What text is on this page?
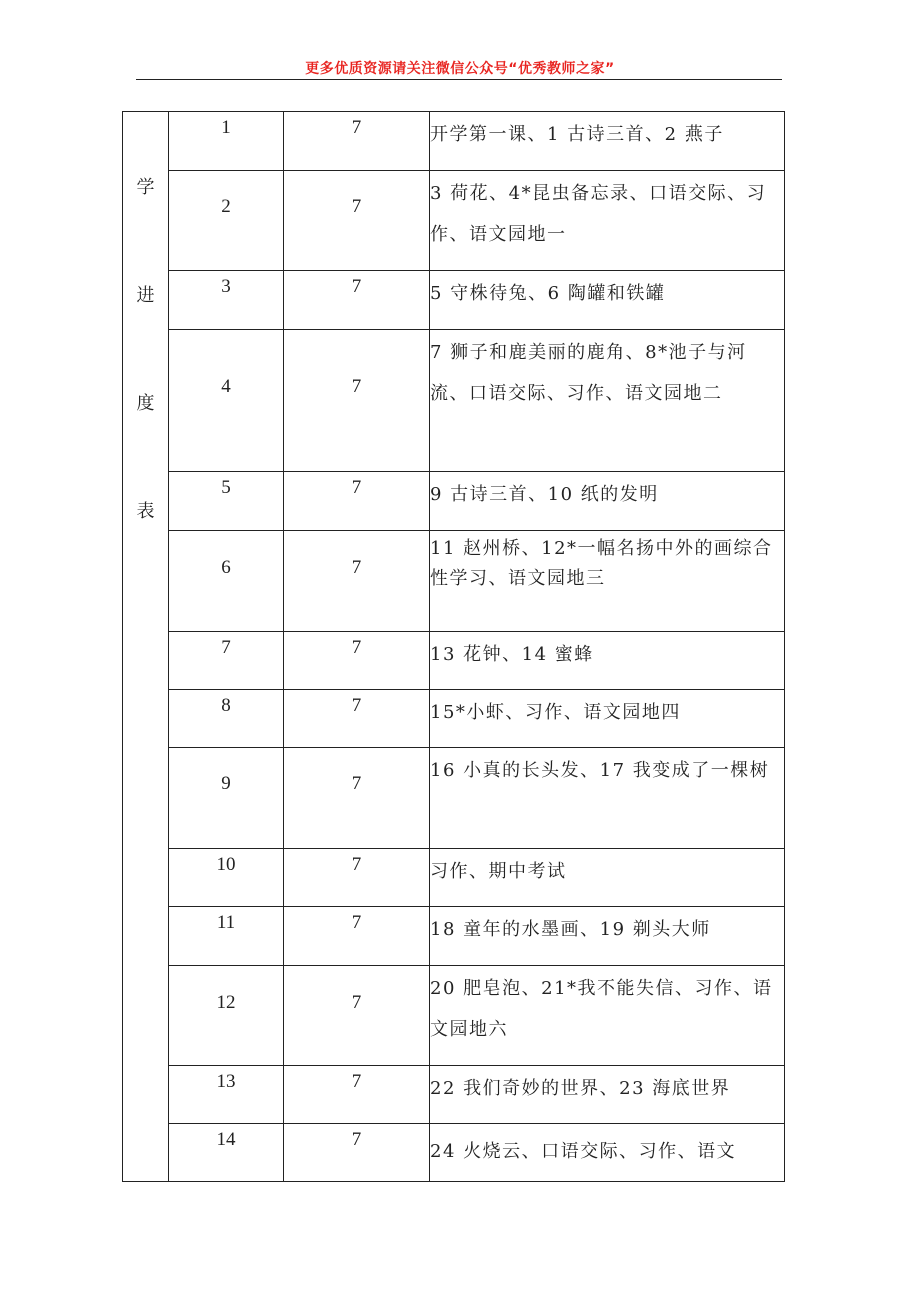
更多优质资源请关注微信公众号“优秀教师之家”
学
进
度
表	1	7	开学第一课、1 古诗三首、2 燕子

	2	7	3 荷花、4*昆虫备忘录、口语交际、习作、语文园地一

	3	7	5 守株待兔、6 陶罐和铁罐

	4	7	7 狮子和鹿美丽的鹿角、8*池子与河流、口语交际、习作、语文园地二

	5	7	9 古诗三首、10 纸的发明

	6	7	11 赵州桥、12*一幅名扬中外的画综合性学习、语文园地三

	7	7	13 花钟、14 蜜蜂

	8	7	15*小虾、习作、语文园地四

	9	7	16 小真的长头发、17 我变成了一棵树

	10	7	习作、期中考试

	11	7	18 童年的水墨画、19 剃头大师

	12	7	20 肥皂泡、21*我不能失信、习作、语文园地六

	13	7	22 我们奇妙的世界、23 海底世界

	14	7	24 火烧云、口语交际、习作、语文
